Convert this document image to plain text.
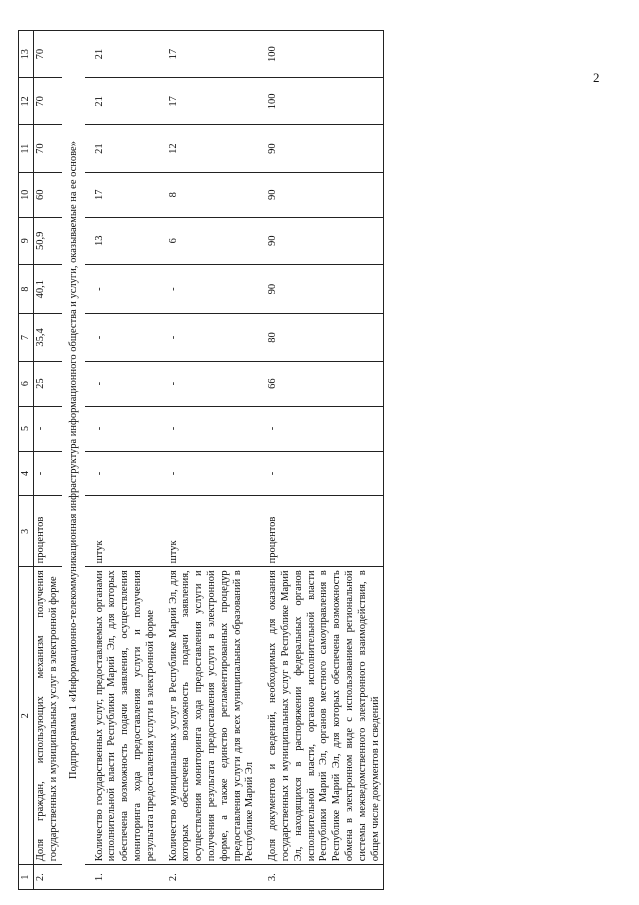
2
1	2	3	4	5	6	7	8	9	10	11	12	13
2.	Доля граждан, использующих механизм получения государственных и муниципальных услуг в электронной форме	процентов	-	-	25	35,4	40,1	50,9	60	70	70	70
Подпрограмма 1 «Информационно-телекоммуникационная инфраструктура информационного общества и услуги, оказываемые на ее основе»												
1.	Количество государственных услуг, предоставляемых органами исполнительной власти Республики Марий Эл, для которых обеспечена возможность подачи заявления, осуществления мониторинга хода предоставления услуги и получения результата предоставления услуги в электронной форме	штук	-	-	-	-	-	13	17	21	21	21
2.	Количество муниципальных услуг в Республике Марий Эл, для которых обеспечена возможность подачи заявления, осуществления мониторинга хода предоставления услуги и получения результата предоставления услуги в электронной форме, а также единство регламентированных процедур предоставления услуги для всех муниципальных образований в Республике Марий Эл	штук	-	-	-	-	-	6	8	12	17	17
3.	Доля документов и сведений, необходимых для оказания государственных и муниципальных услуг в Республике Марий Эл, находящихся в распоряжении федеральных органов исполнительной власти, органов исполнительной власти Республики Марий Эл, органов местного самоуправления в Республике Марий Эл, для которых обеспечена возможность обмена в электронном виде с использованием региональной системы межведомственного электронного взаимодействия, в общем числе документов и сведений	процентов	-	-	66	80	90	90	90	90	100	100
